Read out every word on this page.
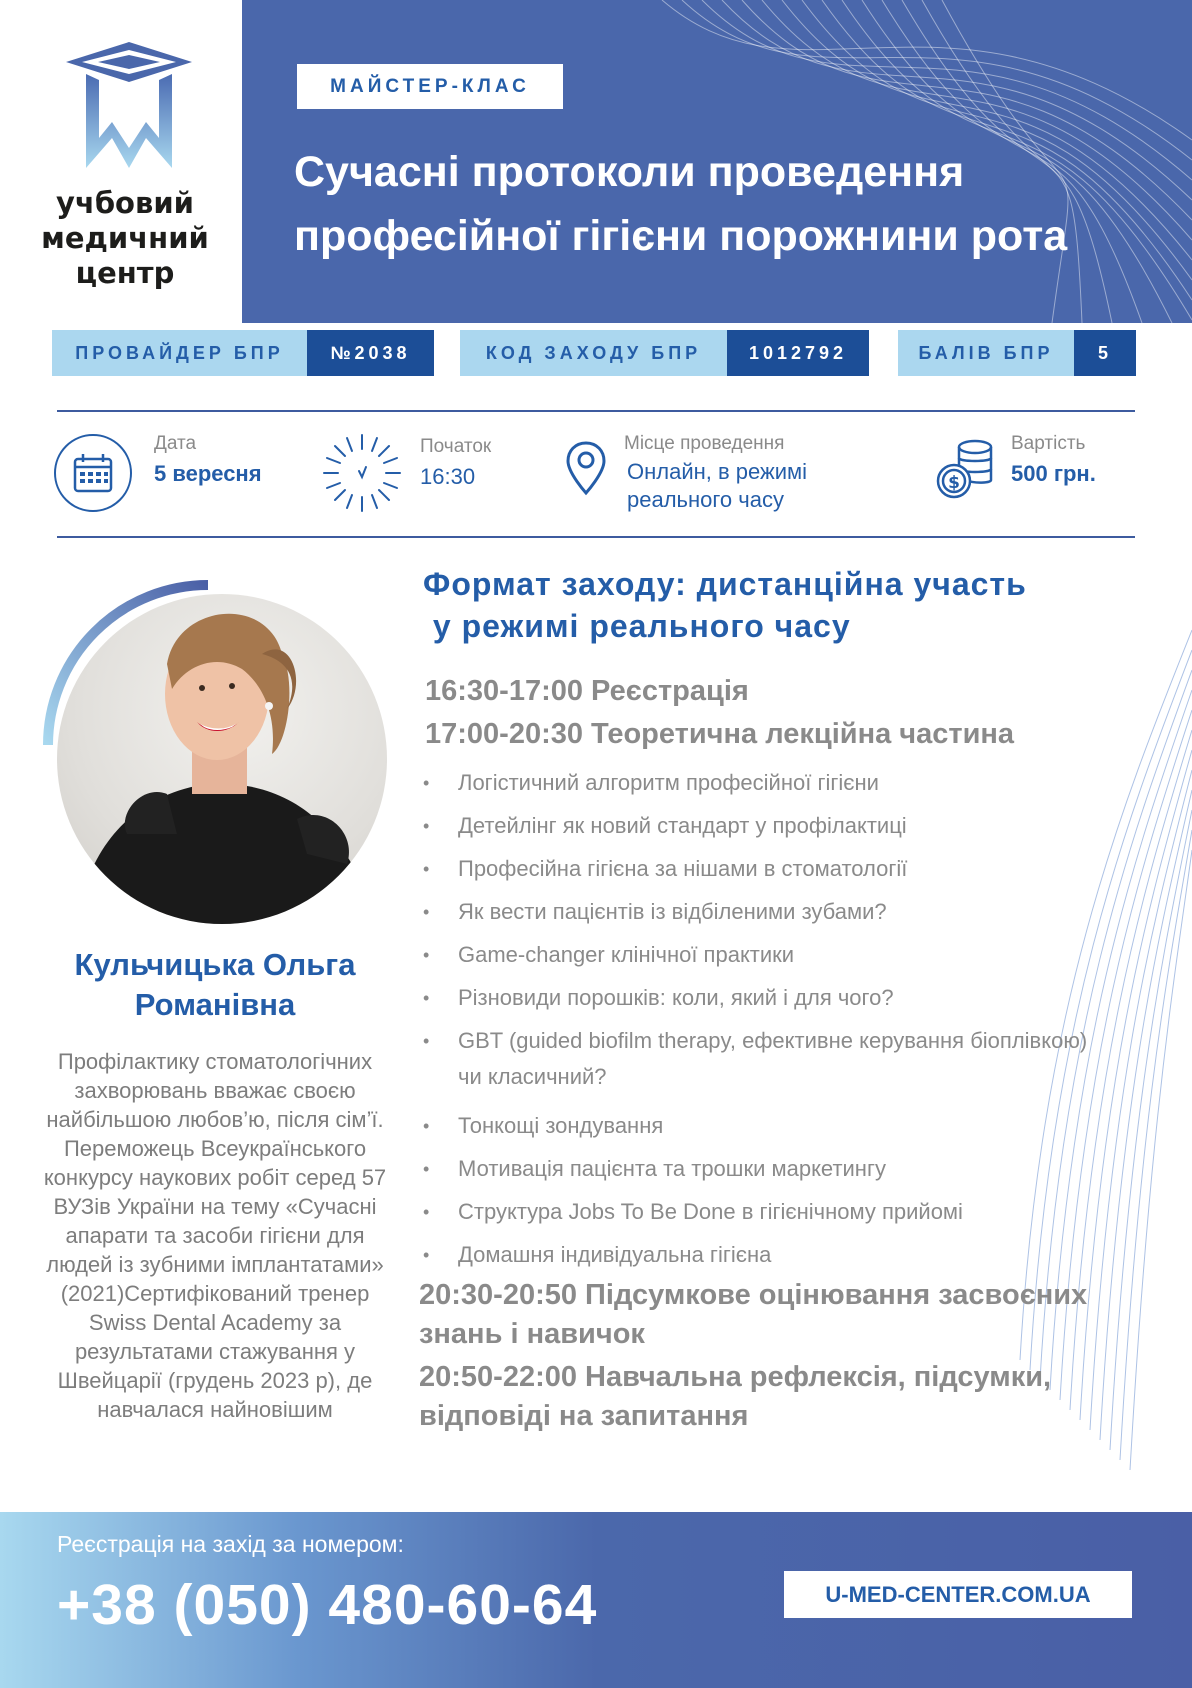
учбовий
медичний
центр
МАЙСТЕР-КЛАС
Сучасні протоколи проведення професійної гігієни порожнини рота
ПРОВАЙДЕР БПР	№2038	КОД ЗАХОДУ БПР	1012792	БАЛІВ БПР	5
Дата
5 вересня
Початок
16:30
Місце проведення
Онлайн, в режимі
реального часу
$
Вартість
500 грн.
Кульчицька Ольга Романівна

Профілактику стоматологічних захворювань вважає своєю найбільшою любов’ю, після сім’ї. Переможець Всеукраїнського конкурсу наукових робіт серед 57 ВУЗів України на тему «Сучасні апарати та засоби гігієни для людей із зубними імплантатами» (2021)Сертифікований тренер Swiss Dental Academy за результатами стажування у Швейцарії (грудень 2023 р), де навчалася найновішим

Формат заходу: дистанційна участь
у режимі реального часу
16:30-17:00 Реєстрація
17:00-20:30 Теоретична лекційна частина
• Логістичний алгоритм професійної гігієни
• Детейлінг як новий стандарт у профілактиці
• Професійна гігієна за нішами в стоматології
• Як вести пацієнтів із відбіленими зубами?
• Game-changer клінічної практики
• Різновиди порошків: коли, який і для чого?
• GBT (guided biofilm therapy, ефективне керування біоплівкою) чи класичний?
• Тонкощі зондування
• Мотивація пацієнта та трошки маркетингу
• Структура Jobs To Be Done в гігієнічному прийомі
• Домашня індивідуальна гігієна
20:30-20:50 Підсумкове оцінювання засвоєних знань і навичок
20:50-22:00 Навчальна рефлексія, підсумки, відповіді на запитання
Реєстрація на захід за номером:
+38 (050) 480-60-64	U-MED-CENTER.COM.UA
